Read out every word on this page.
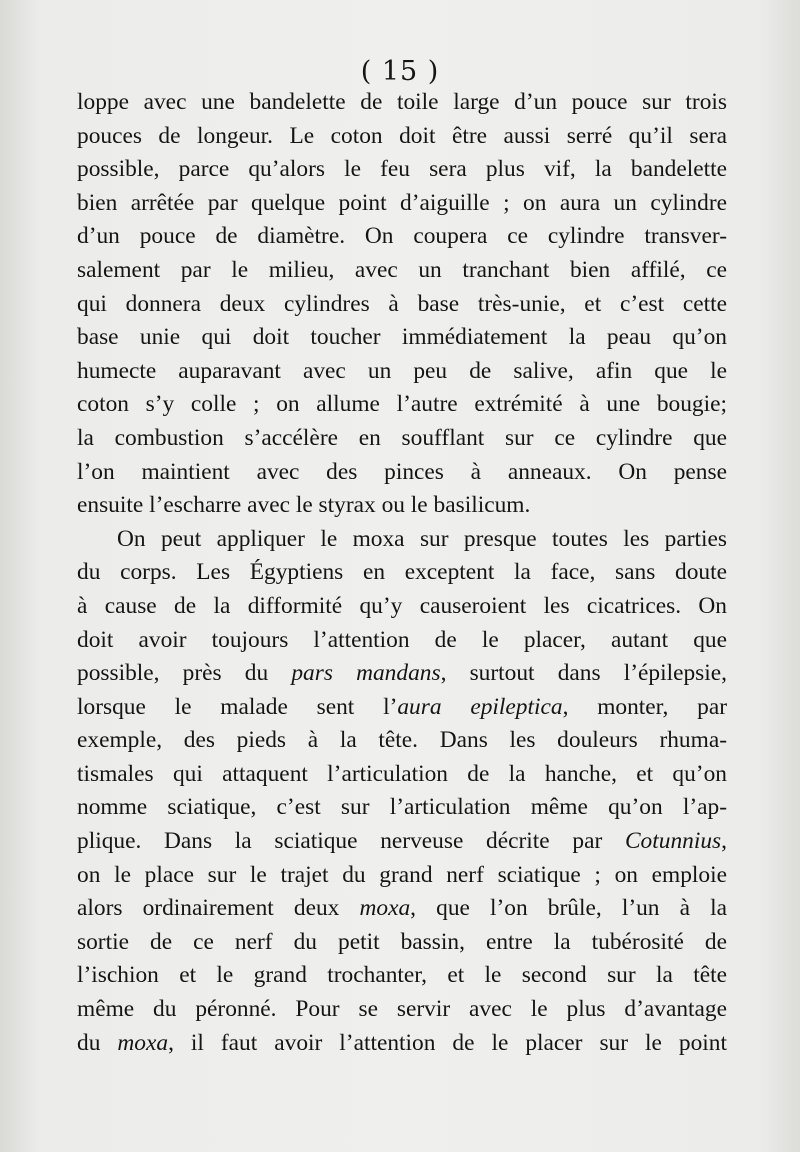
( 15 )
loppe avec une bandelette de toile large d’un pouce sur trois
pouces de longeur. Le coton doit être aussi serré qu’il sera
possible, parce qu’alors le feu sera plus vif, la bandelette
bien arrêtée par quelque point d’aiguille ; on aura un cylindre
d’un pouce de diamètre. On coupera ce cylindre transver-
salement par le milieu, avec un tranchant bien affilé, ce
qui donnera deux cylindres à base très-unie, et c’est cette
base unie qui doit toucher immédiatement la peau qu’on
humecte auparavant avec un peu de salive, afin que le
coton s’y colle ; on allume l’autre extrémité à une bougie;
la combustion s’accélère en soufflant sur ce cylindre que
l’on maintient avec des pinces à anneaux. On pense
ensuite l’escharre avec le styrax ou le basilicum.
On peut appliquer le moxa sur presque toutes les parties
du corps. Les Égyptiens en exceptent la face, sans doute
à cause de la difformité qu’y causeroient les cicatrices. On
doit avoir toujours l’attention de le placer, autant que
possible, près du pars mandans, surtout dans l’épilepsie,
lorsque le malade sent l’aura epileptica, monter, par
exemple, des pieds à la tête. Dans les douleurs rhuma-
tismales qui attaquent l’articulation de la hanche, et qu’on
nomme sciatique, c’est sur l’articulation même qu’on l’ap-
plique. Dans la sciatique nerveuse décrite par Cotunnius,
on le place sur le trajet du grand nerf sciatique ; on emploie
alors ordinairement deux moxa, que l’on brûle, l’un à la
sortie de ce nerf du petit bassin, entre la tubérosité de
l’ischion et le grand trochanter, et le second sur la tête
même du péronné. Pour se servir avec le plus d’avantage
du moxa, il faut avoir l’attention de le placer sur le point
